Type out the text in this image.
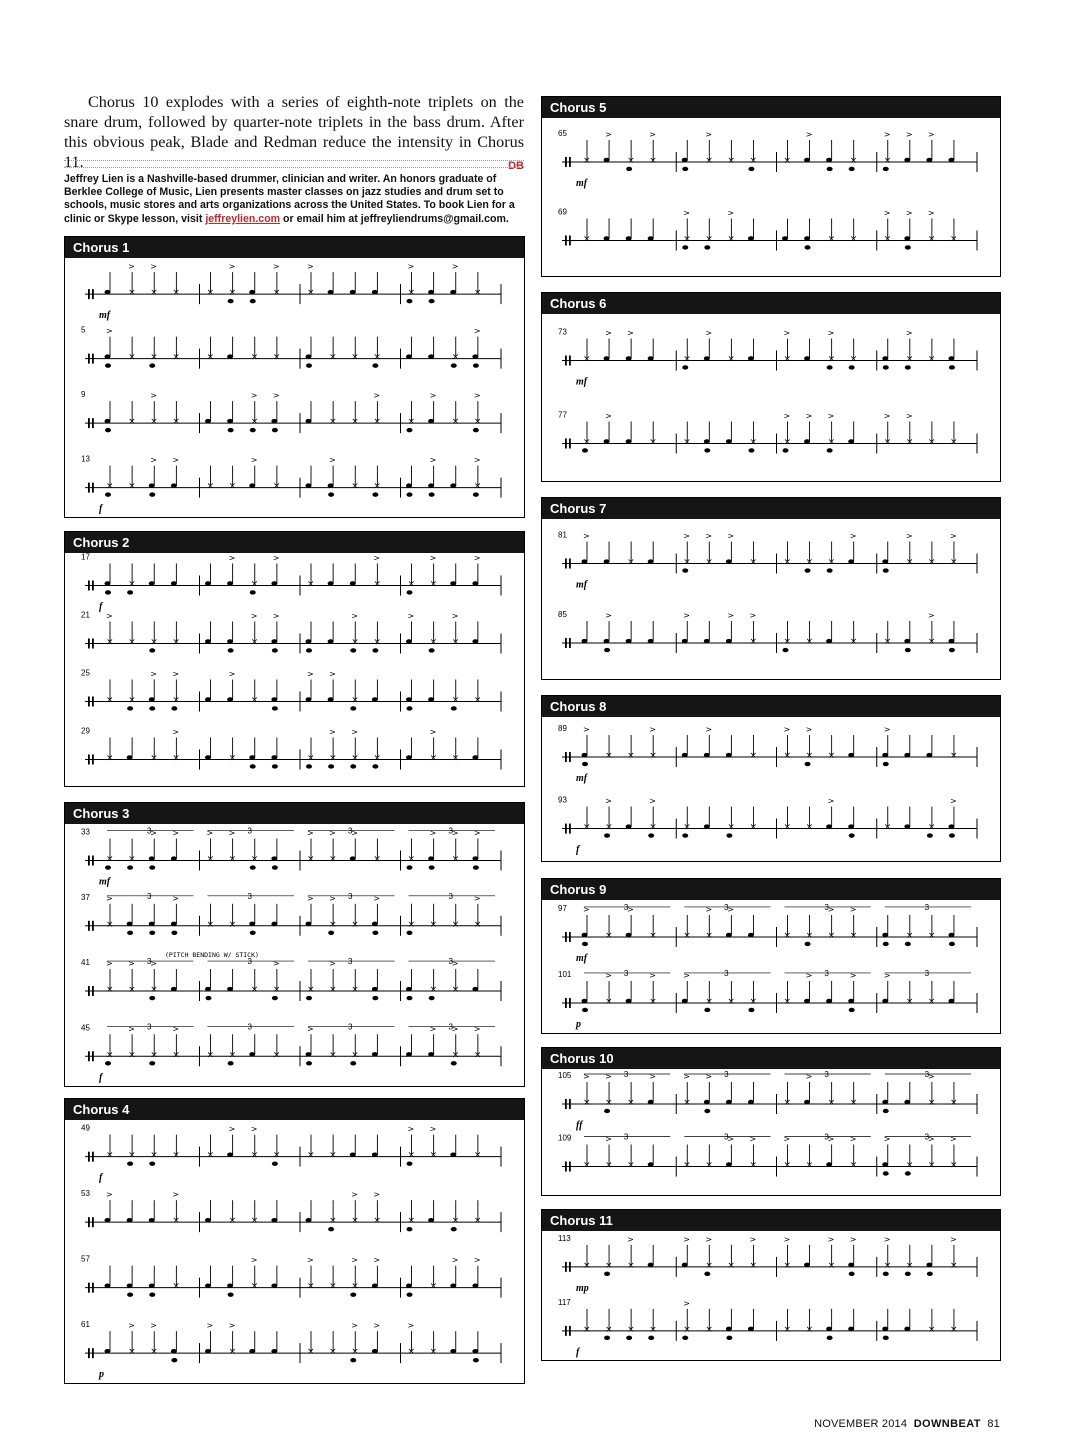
Chorus 10 explodes with a series of eighth-note triplets on the snare drum, followed by quarter-note triplets in the bass drum. After this obvious peak, Blade and Redman reduce the intensity in Chorus 11.	DB

Jeffrey Lien is a Nashville-based drummer, clinician and writer. An honors graduate of Berklee College of Music, Lien presents master classes on jazz studies and drum set to schools, music stores and arts organizations across the United States. To book Lien for a clinic or Skype lesson, visit jeffreylien.com or email him at jeffreyliendrums@gmail.com.
Chorus 1
×
>
×
>
×	× ×
>
×
>
×
>
×
>	>
×
mf
5	>
× × ×	×	× ×	× × ×	×
>
9
× ×
>
×	×
> >
× × ×
>
×
>
× ×
>
13
× ×
> >
× ×
>
×
>
× ×
>
×
>
f
Chorus 2
17
×
>
×
>
×	×
>
× ×
>	>
f
21
×
>
× × ×	×
> >
×
>
×
>
× ×
>
25
× ×
>
×
>	>
×
> >
×	× ×
29
×	× ×
>
×	× ×
>
×
>
×	×
>
×
Chorus 3
33
× ×
> >
3
×
>
×
>
×
3
×
>
×
> >
×
3
×
>
×
> >
3
mf
37
×
>	>
3
× ×
3	>
×
>
×
>
3
× × × ×
>
3
41
×
>
×
>
×
>
3
× ×
>
3
× ×
>
×
3
× ×
>
3
(PITCH BENDING W/ STICK)
45
× ×
>
× ×
>
3
× ×	×
3	>
× ×
3	>
×
>
×
>
3
f
Chorus 4
49
× × × ×	×
>
×
>
×	× ×	×
>
×
>
×
f
53 >
×
>
× ×	× ×
>
×
>
×	× ×
57
×	×
>
×
>
× ×
> >
×
> >
61
×
>
×
>	>
×
>
× × ×
> >
×
>
×
p
Chorus 5
65
×
>
× ×
>
×
>
× ×	×
>
×	×
> > >
mf
69
×	×
>
× ×
>
× ×	×
> >
×
>
×
Chorus 6
73
×
> >
×
>
×	×
>
×
>
×	×
>
×
mf
77
×
>
×	×	×	×
> >
×
>
×
>
×
>
× ×
Chorus 7
81 >
×	×
>
×
> >
×	× × ×
>
×
>
× ×
>
mf
85	>	>	>
×
>
× ×	×	×	×
>
Chorus 8
89 >
× × ×
>	>
×	×
>
×
>
×
>
×
mf
93
× ×
>
×
>
×	× ×	× ×
>
×	×
>
f
Chorus 9
97 >
×
>
×
3
× ×
> >
3
× × ×
>
×
>
3
× ×
3
mf
101
×
>
×
>
3	>
× × ×
3
×
>	>
3	>
× ×
3
p
Chorus 10
105
×
>
×
>
×
>
3
×
> > 3
×
>
× ×
3
×
>
×
3
ff
109
× ×
>
×
3
× ×
>
×
>
3
×
>
×
>
×
>
3	>
× ×
>
×
>
3
Chorus 11
113
× × ×
>	>
×
>
× ×
>
×
>
×
> >
×
>
×	×
>
mp
117
× × × ×	×
>
×	× ×	× ×
f
NOVEMBER 2014 DOWNBEAT 81
